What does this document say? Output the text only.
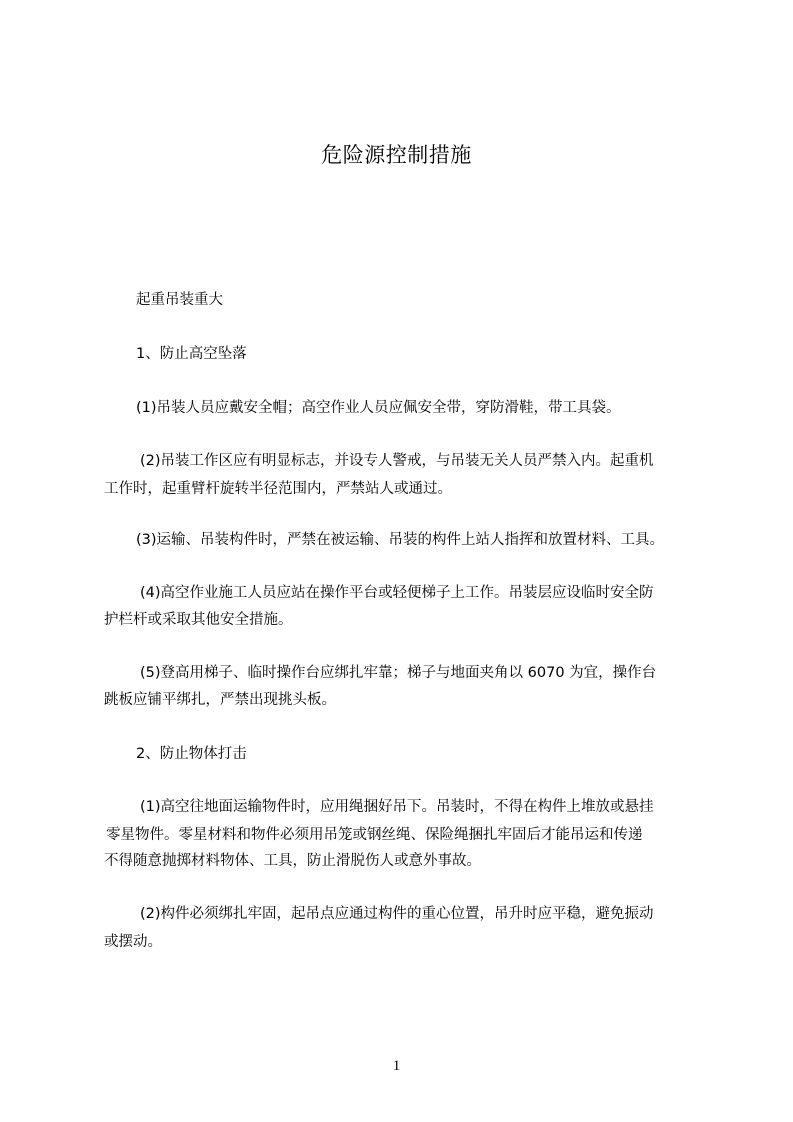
危险源控制措施

起重吊装重大

1、防止高空坠落

(1)吊装人员应戴安全帽；高空作业人员应佩安全带，穿防滑鞋，带工具袋。

(2)吊装工作区应有明显标志，并设专人警戒，与吊装无关人员严禁入内。起重机

工作时，起重臂杆旋转半径范围内，严禁站人或通过。

(3)运输、吊装构件时，严禁在被运输、吊装的构件上站人指挥和放置材料、工具。

(4)高空作业施工人员应站在操作平台或轻便梯子上工作。吊装层应设临时安全防

护栏杆或采取其他安全措施。

(5)登高用梯子、临时操作台应绑扎牢靠；梯子与地面夹角以 6070 为宜，操作台

跳板应铺平绑扎，严禁出现挑头板。

2、防止物体打击

(1)高空往地面运输物件时，应用绳捆好吊下。吊装时，不得在构件上堆放或悬挂

零星物件。零星材料和物件必须用吊笼或钢丝绳、保险绳捆扎牢固后才能吊运和传递

不得随意抛掷材料物体、工具，防止滑脱伤人或意外事故。

(2)构件必须绑扎牢固，起吊点应通过构件的重心位置，吊升时应平稳，避免振动

或摆动。

1
